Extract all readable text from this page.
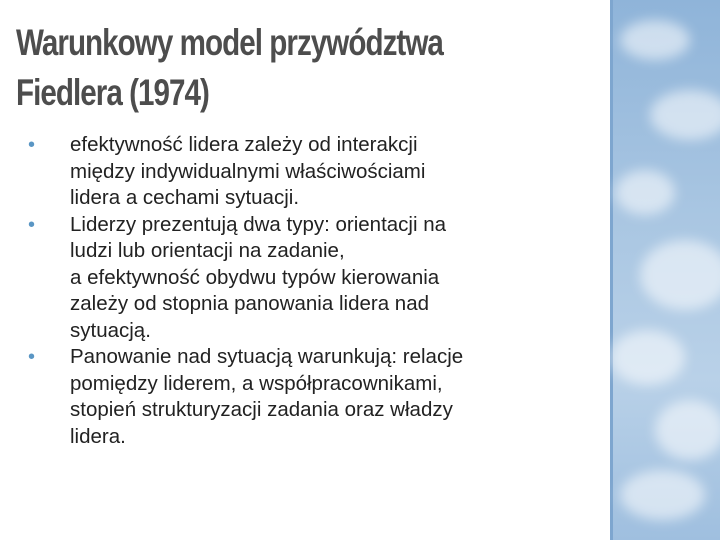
Warunkowy model przywództwa
Fiedlera (1974)
•	efektywność lidera zależy od interakcji
między indywidualnymi właściwościami
lidera a cechami sytuacji.
•	Liderzy prezentują dwa typy: orientacji na
ludzi lub orientacji na zadanie,
a efektywność obydwu typów kierowania
zależy od stopnia panowania lidera nad
sytuacją.
•	Panowanie nad sytuacją warunkują: relacje
pomiędzy liderem, a współpracownikami,
stopień strukturyzacji zadania oraz władzy
lidera.
